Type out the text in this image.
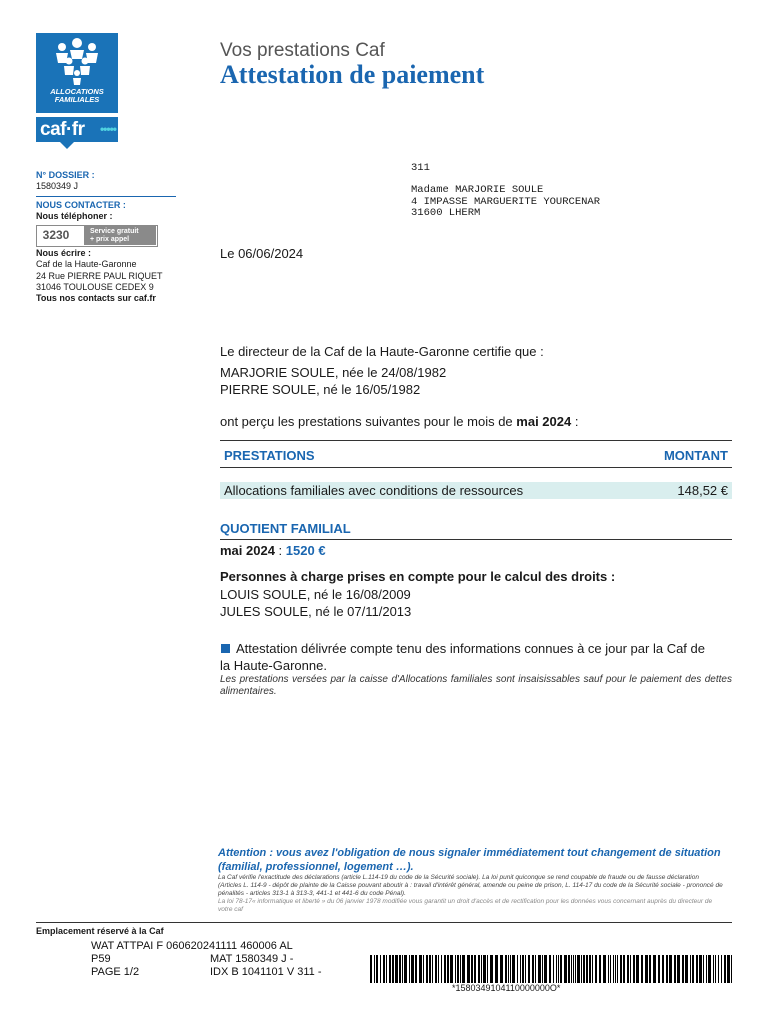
ALLOCATIONS
FAMILIALES
caf·fr •••••
Vos prestations Caf
Attestation de paiement
N° DOSSIER :
1580349 J
NOUS CONTACTER :
Nous téléphoner :
3230	Service gratuit
+ prix appel
Nous écrire :
Caf de la Haute-Garonne
24 Rue PIERRE PAUL RIQUET
31046 TOULOUSE CEDEX 9
Tous nos contacts sur caf.fr
311
Madame MARJORIE SOULE
4 IMPASSE MARGUERITE YOURCENAR
31600 LHERM
Le 06/06/2024
Le directeur de la Caf de la Haute-Garonne certifie que :
MARJORIE SOULE, née le 24/08/1982
PIERRE SOULE, né le 16/05/1982
ont perçu les prestations suivantes pour le mois de mai 2024 :
PRESTATIONS	MONTANT
Allocations familiales avec conditions de ressources	148,52 €
QUOTIENT FAMILIAL
mai 2024 : 1520 €
Personnes à charge prises en compte pour le calcul des droits :
LOUIS SOULE, né le 16/08/2009
JULES SOULE, né le 07/11/2013
Attestation délivrée compte tenu des informations connues à ce jour par la Caf de
la Haute-Garonne.
Les prestations versées par la caisse d'Allocations familiales sont insaisissables sauf pour le paiement des dettes alimentaires.
Attention : vous avez l'obligation de nous signaler immédiatement tout changement de situation
(familial, professionnel, logement …).
La Caf vérifie l'exactitude des déclarations (article L.114-19 du code de la Sécurité sociale). La loi punit quiconque se rend coupable de fraude ou de fausse déclaration (Articles L. 114-9 - dépôt de plainte de la Caisse pouvant aboutir à : travail d'intérêt général, amende ou peine de prison, L. 114-17 du code de la Sécurité sociale - prononcé de pénalités - articles 313-1 à 313-3, 441-1 et 441-6 du code Pénal).
La loi 78-17« informatique et liberté » du 06 janvier 1978 modifiée vous garantit un droit d'accès et de rectification pour les données vous concernant auprès du directeur de votre caf
Emplacement réservé à la Caf
WAT ATTPAI F 060620241111 460006 AL
P59
PAGE 1/2
MAT 1580349 J -
IDX B 1041101 V 311 -
*1580349104110000000O*
